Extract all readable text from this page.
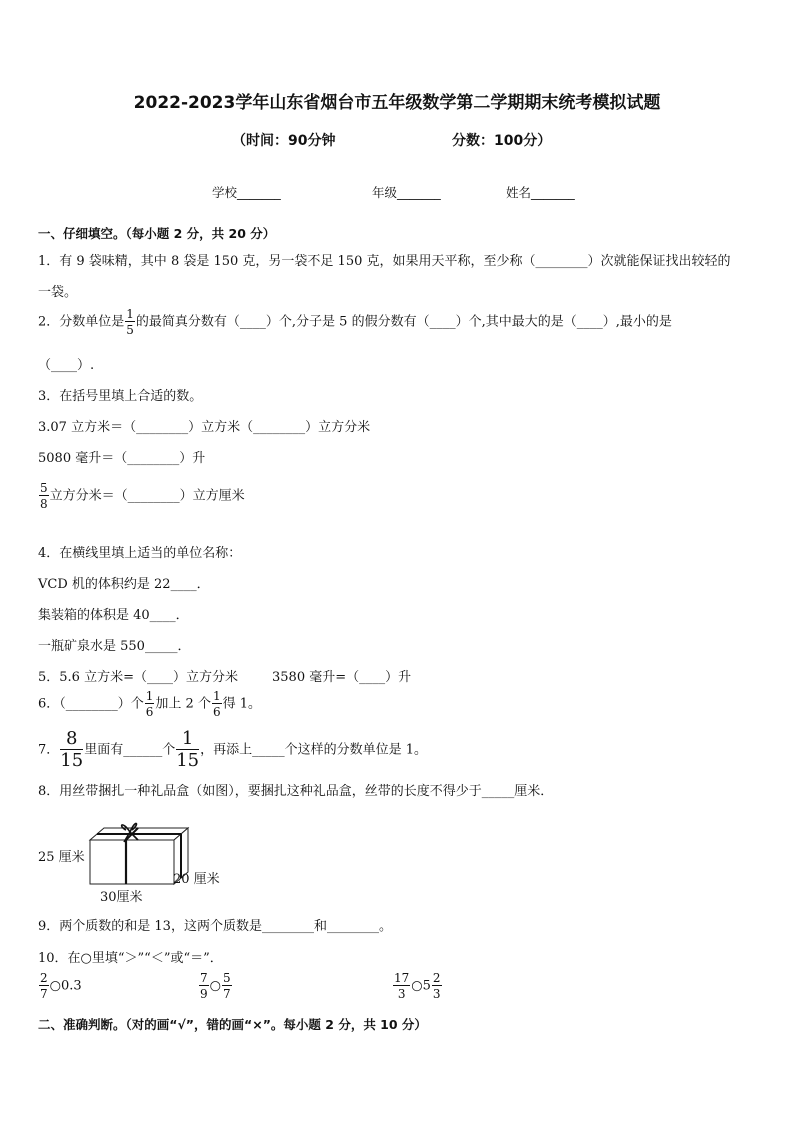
2022-2023学年山东省烟台市五年级数学第二学期期末统考模拟试题
（时间：90分钟	分数：100分）
学校_______	年级_______	姓名_______
一、仔细填空。（每小题 2 分，共 20 分）
1．有 9 袋味精，其中 8 袋是 150 克，另一袋不足 150 克，如果用天平称，至少称（________）次就能保证找出较轻的
一袋。
2．分数单位是 $\frac{1}{5}$ 的最简真分数有（____）个,分子是 5 的假分数有（____）个,其中最大的是（____）,最小的是
（____）.
3．在括号里填上合适的数。
3.07 立方米＝（________）立方米（________）立方分米
5080 毫升＝（________）升
$\frac{5}{8}$ 立方分米＝（________）立方厘米
4．在横线里填上适当的单位名称：
VCD 机的体积约是 22____．
集装箱的体积是 40____．
一瓶矿泉水是 550_____．
5．5.6 立方米=（____）立方分米	3580 毫升=（____）升
6．（________）个 $\frac{1}{6}$ 加上 2 个 $\frac{1}{6}$ 得 1。
7． $\frac{8}{15}$ 里面有______个 $\frac{1}{15}$ ，再添上_____个这样的分数单位是 1。
8．用丝带捆扎一种礼品盒（如图），要捆扎这种礼品盒，丝带的长度不得少于_____厘米．
25 厘米
20 厘米
30厘米
9．两个质数的和是 13，这两个质数是________和________。
10．在○里填“＞”“＜”或“＝”．
$\frac{2}{7}$ ○0.3	$\frac{7}{9}$ ○ $\frac{5}{7}$	$\frac{17}{3}$ ○5 $\frac{2}{3}$
二、准确判断。（对的画“√”，错的画“×”。每小题 2 分，共 10 分）
